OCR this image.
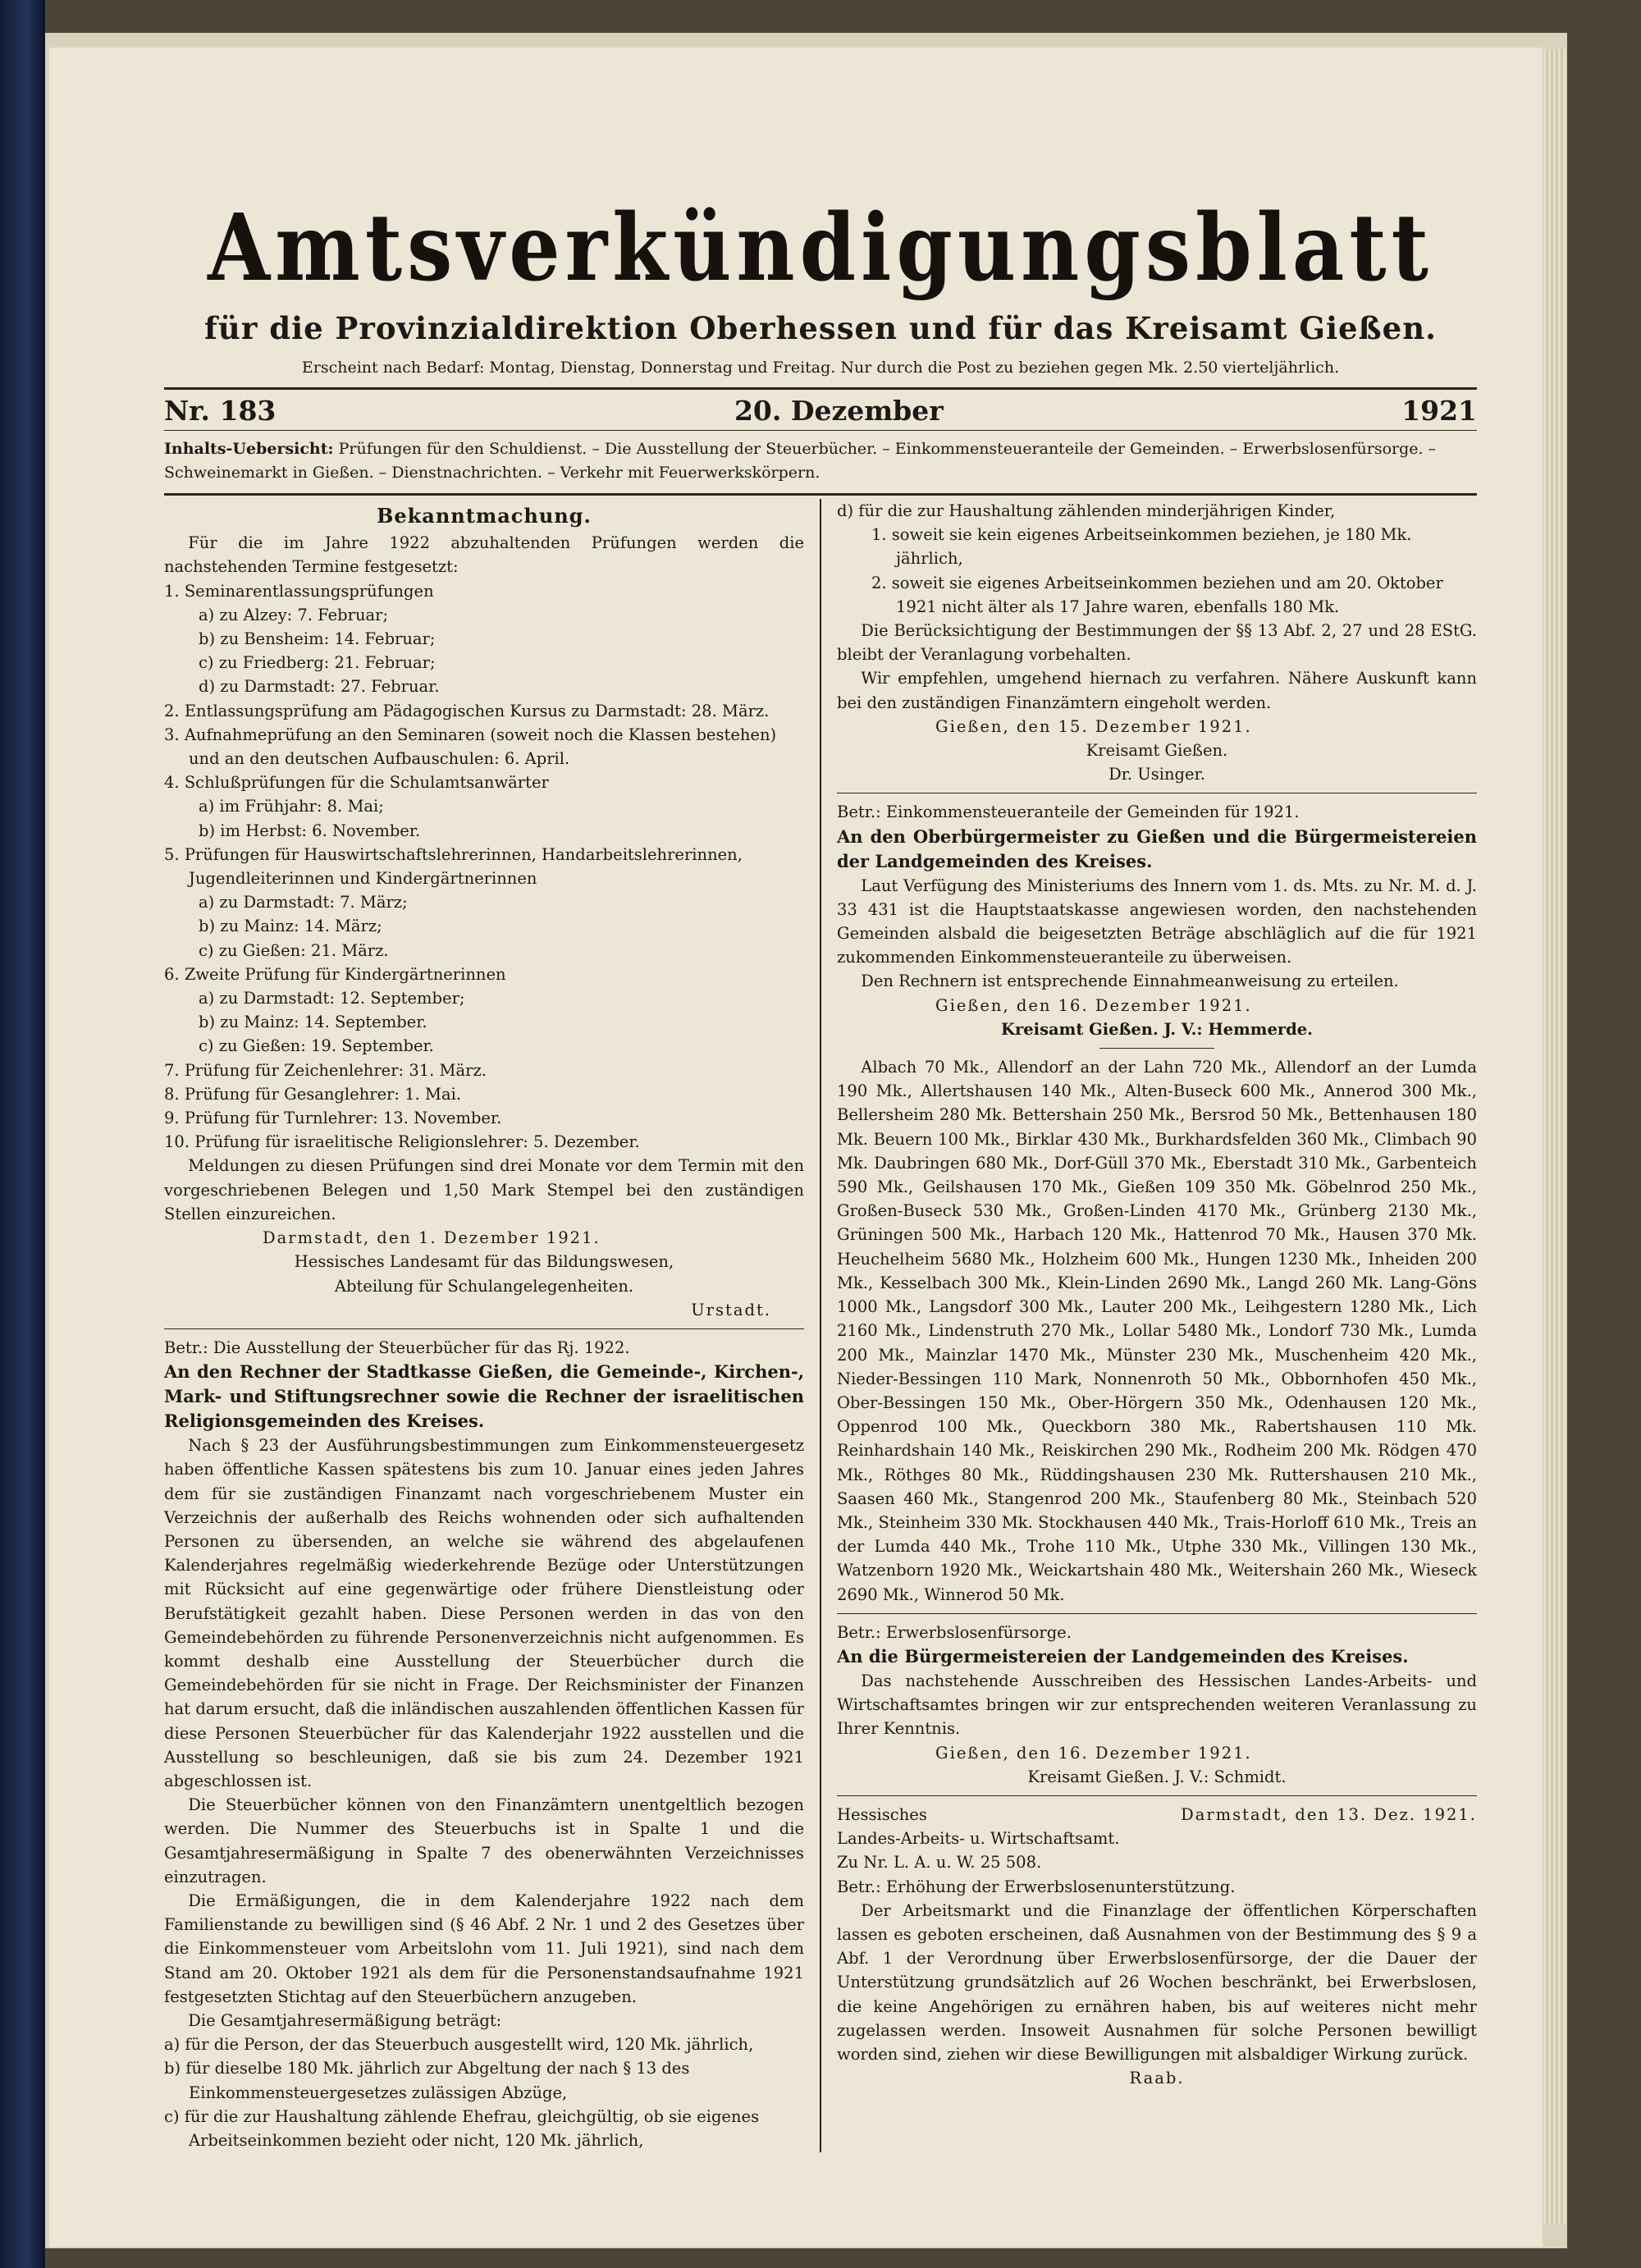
Amtsverkündigungsblatt
für die Provinzialdirektion Oberhessen und für das Kreisamt Gießen.
Erscheint nach Bedarf: Montag, Dienstag, Donnerstag und Freitag. Nur durch die Post zu beziehen gegen Mk. 2.50 vierteljährlich.
Nr. 183	20. Dezember	1921
Inhalts-Uebersicht: Prüfungen für den Schuldienst. – Die Ausstellung der Steuerbücher. – Einkommensteueranteile der Gemeinden. – Erwerbslosenfürsorge. – Schweinemarkt in Gießen. – Dienstnachrichten. – Verkehr mit Feuerwerkskörpern.
Bekanntmachung.

Für die im Jahre 1922 abzuhaltenden Prüfungen werden die nachstehenden Termine festgesetzt:

1. Seminarentlassungsprüfungen
a) zu Alzey: 7. Februar;
b) zu Bensheim: 14. Februar;
c) zu Friedberg: 21. Februar;
d) zu Darmstadt: 27. Februar.
2. Entlassungsprüfung am Pädagogischen Kursus zu Darmstadt: 28. März.
3. Aufnahmeprüfung an den Seminaren (soweit noch die Klassen bestehen) und an den deutschen Aufbauschulen: 6. April.
4. Schlußprüfungen für die Schulamtsanwärter
a) im Frühjahr: 8. Mai;
b) im Herbst: 6. November.
5. Prüfungen für Hauswirtschaftslehrerinnen, Handarbeitslehrerinnen, Jugendleiterinnen und Kindergärtnerinnen
a) zu Darmstadt: 7. März;
b) zu Mainz: 14. März;
c) zu Gießen: 21. März.
6. Zweite Prüfung für Kindergärtnerinnen
a) zu Darmstadt: 12. September;
b) zu Mainz: 14. September.
c) zu Gießen: 19. September.
7. Prüfung für Zeichenlehrer: 31. März.
8. Prüfung für Gesanglehrer: 1. Mai.
9. Prüfung für Turnlehrer: 13. November.
10. Prüfung für israelitische Religionslehrer: 5. Dezember.

Meldungen zu diesen Prüfungen sind drei Monate vor dem Termin mit den vorgeschriebenen Belegen und 1,50 Mark Stempel bei den zuständigen Stellen einzureichen.

Darmstadt, den 1. Dezember 1921.
Hessisches Landesamt für das Bildungswesen,
Abteilung für Schulangelegenheiten.
Urstadt.
Betr.: Die Ausstellung der Steuerbücher für das Rj. 1922.
An den Rechner der Stadtkasse Gießen, die Gemeinde-, Kirchen-, Mark- und Stiftungsrechner sowie die Rechner der israelitischen Religionsgemeinden des Kreises.

Nach § 23 der Ausführungsbestimmungen zum Einkommensteuergesetz haben öffentliche Kassen spätestens bis zum 10. Januar eines jeden Jahres dem für sie zuständigen Finanzamt nach vorgeschriebenem Muster ein Verzeichnis der außerhalb des Reichs wohnenden oder sich aufhaltenden Personen zu übersenden, an welche sie während des abgelaufenen Kalenderjahres regelmäßig wiederkehrende Bezüge oder Unterstützungen mit Rücksicht auf eine gegenwärtige oder frühere Dienstleistung oder Berufstätigkeit gezahlt haben. Diese Personen werden in das von den Gemeindebehörden zu führende Personenverzeichnis nicht aufgenommen. Es kommt deshalb eine Ausstellung der Steuerbücher durch die Gemeindebehörden für sie nicht in Frage. Der Reichsminister der Finanzen hat darum ersucht, daß die inländischen auszahlenden öffentlichen Kassen für diese Personen Steuerbücher für das Kalenderjahr 1922 ausstellen und die Ausstellung so beschleunigen, daß sie bis zum 24. Dezember 1921 abgeschlossen ist.

Die Steuerbücher können von den Finanzämtern unentgeltlich bezogen werden. Die Nummer des Steuerbuchs ist in Spalte 1 und die Gesamtjahresermäßigung in Spalte 7 des obenerwähnten Verzeichnisses einzutragen.

Die Ermäßigungen, die in dem Kalenderjahre 1922 nach dem Familienstande zu bewilligen sind (§ 46 Abf. 2 Nr. 1 und 2 des Gesetzes über die Einkommensteuer vom Arbeitslohn vom 11. Juli 1921), sind nach dem Stand am 20. Oktober 1921 als dem für die Personenstandsaufnahme 1921 festgesetzten Stichtag auf den Steuerbüchern anzugeben.

Die Gesamtjahresermäßigung beträgt:

a) für die Person, der das Steuerbuch ausgestellt wird, 120 Mk. jährlich,
b) für dieselbe 180 Mk. jährlich zur Abgeltung der nach § 13 des Einkommensteuergesetzes zulässigen Abzüge,
c) für die zur Haushaltung zählende Ehefrau, gleichgültig, ob sie eigenes Arbeitseinkommen bezieht oder nicht, 120 Mk. jährlich,
d) für die zur Haushaltung zählenden minderjährigen Kinder,
1. soweit sie kein eigenes Arbeitseinkommen beziehen, je 180 Mk. jährlich,
2. soweit sie eigenes Arbeitseinkommen beziehen und am 20. Oktober 1921 nicht älter als 17 Jahre waren, ebenfalls 180 Mk.

Die Berücksichtigung der Bestimmungen der §§ 13 Abf. 2, 27 und 28 EStG. bleibt der Veranlagung vorbehalten.

Wir empfehlen, umgehend hiernach zu verfahren. Nähere Auskunft kann bei den zuständigen Finanzämtern eingeholt werden.

Gießen, den 15. Dezember 1921.
Kreisamt Gießen.
Dr. Usinger.
Betr.: Einkommensteueranteile der Gemeinden für 1921.
An den Oberbürgermeister zu Gießen und die Bürgermeistereien der Landgemeinden des Kreises.

Laut Verfügung des Ministeriums des Innern vom 1. ds. Mts. zu Nr. M. d. J. 33 431 ist die Hauptstaatskasse angewiesen worden, den nachstehenden Gemeinden alsbald die beigesetzten Beträge abschläglich auf die für 1921 zukommenden Einkommensteueranteile zu überweisen.

Den Rechnern ist entsprechende Einnahmeanweisung zu erteilen.

Gießen, den 16. Dezember 1921.
Kreisamt Gießen. J. V.: Hemmerde.

Albach 70 Mk., Allendorf an der Lahn 720 Mk., Allendorf an der Lumda 190 Mk., Allertshausen 140 Mk., Alten-Buseck 600 Mk., Annerod 300 Mk., Bellersheim 280 Mk. Bettershain 250 Mk., Bersrod 50 Mk., Bettenhausen 180 Mk. Beuern 100 Mk., Birklar 430 Mk., Burkhardsfelden 360 Mk., Climbach 90 Mk. Daubringen 680 Mk., Dorf-Güll 370 Mk., Eberstadt 310 Mk., Garbenteich 590 Mk., Geilshausen 170 Mk., Gießen 109 350 Mk. Göbelnrod 250 Mk., Großen-Buseck 530 Mk., Großen-Linden 4170 Mk., Grünberg 2130 Mk., Grüningen 500 Mk., Harbach 120 Mk., Hattenrod 70 Mk., Hausen 370 Mk. Heuchelheim 5680 Mk., Holzheim 600 Mk., Hungen 1230 Mk., Inheiden 200 Mk., Kesselbach 300 Mk., Klein-Linden 2690 Mk., Langd 260 Mk. Lang-Göns 1000 Mk., Langsdorf 300 Mk., Lauter 200 Mk., Leihgestern 1280 Mk., Lich 2160 Mk., Lindenstruth 270 Mk., Lollar 5480 Mk., Londorf 730 Mk., Lumda 200 Mk., Mainzlar 1470 Mk., Münster 230 Mk., Muschenheim 420 Mk., Nieder-Bessingen 110 Mark, Nonnenroth 50 Mk., Obbornhofen 450 Mk., Ober-Bessingen 150 Mk., Ober-Hörgern 350 Mk., Odenhausen 120 Mk., Oppenrod 100 Mk., Queckborn 380 Mk., Rabertshausen 110 Mk. Reinhardshain 140 Mk., Reiskirchen 290 Mk., Rodheim 200 Mk. Rödgen 470 Mk., Röthges 80 Mk., Rüddingshausen 230 Mk. Ruttershausen 210 Mk., Saasen 460 Mk., Stangenrod 200 Mk., Staufenberg 80 Mk., Steinbach 520 Mk., Steinheim 330 Mk. Stockhausen 440 Mk., Trais-Horloff 610 Mk., Treis an der Lumda 440 Mk., Trohe 110 Mk., Utphe 330 Mk., Villingen 130 Mk., Watzenborn 1920 Mk., Weickartshain 480 Mk., Weitershain 260 Mk., Wieseck 2690 Mk., Winnerod 50 Mk.

Betr.: Erwerbslosenfürsorge.
An die Bürgermeistereien der Landgemeinden des Kreises.

Das nachstehende Ausschreiben des Hessischen Landes-Arbeits- und Wirtschaftsamtes bringen wir zur entsprechenden weiteren Veranlassung zu Ihrer Kenntnis.

Gießen, den 16. Dezember 1921.
Kreisamt Gießen. J. V.: Schmidt.
Hessisches	Darmstadt, den 13. Dez. 1921.
Landes-Arbeits- u. Wirtschaftsamt.
Zu Nr. L. A. u. W. 25 508.
Betr.: Erhöhung der Erwerbslosenunterstützung.

Der Arbeitsmarkt und die Finanzlage der öffentlichen Körperschaften lassen es geboten erscheinen, daß Ausnahmen von der Bestimmung des § 9 a Abf. 1 der Verordnung über Erwerbslosenfürsorge, der die Dauer der Unterstützung grundsätzlich auf 26 Wochen beschränkt, bei Erwerbslosen, die keine Angehörigen zu ernähren haben, bis auf weiteres nicht mehr zugelassen werden. Insoweit Ausnahmen für solche Personen bewilligt worden sind, ziehen wir diese Bewilligungen mit alsbaldiger Wirkung zurück.

Raab.
